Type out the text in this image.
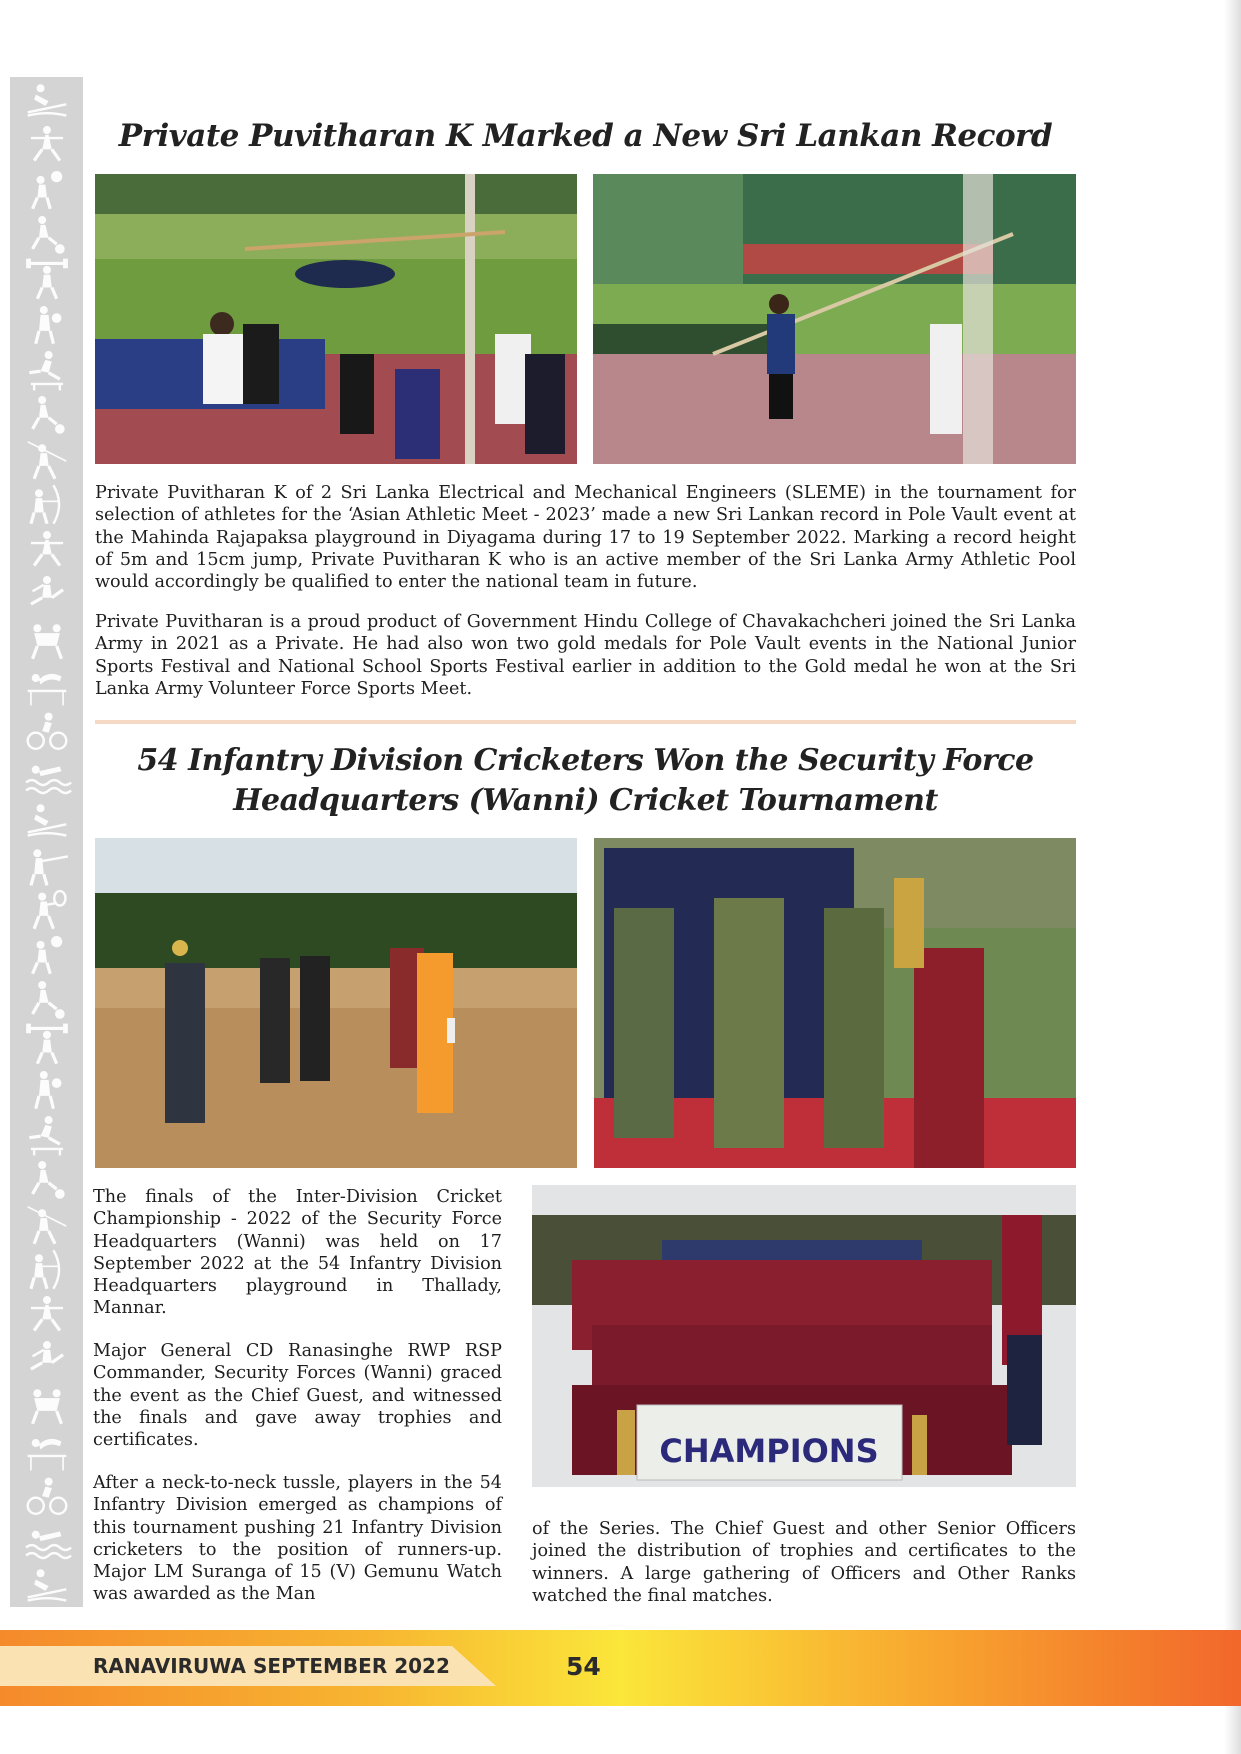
Private Puvitharan K Marked a New Sri Lankan Record

Private Puvitharan K of 2 Sri Lanka Electrical and Mechanical Engineers (SLEME) in the tournament for selection of athletes for the ‘Asian Athletic Meet - 2023’ made a new Sri Lankan record in Pole Vault event at the Mahinda Rajapaksa playground in Diyagama during 17 to 19 September 2022. Marking a record height of 5m and 15cm jump, Private Puvitharan K who is an active member of the Sri Lanka Army Athletic Pool would accordingly be qualified to enter the national team in future.

Private Puvitharan is a proud product of Government Hindu College of Chavakachcheri joined the Sri Lanka Army in 2021 as a Private. He had also won two gold medals for Pole Vault events in the National Junior Sports Festival and National School Sports Festival earlier in addition to the Gold medal he won at the Sri Lanka Army Volunteer Force Sports Meet.

54 Infantry Division Cricketers Won the Security Force
Headquarters (Wanni) Cricket Tournament

The finals of the Inter-Division Cricket Championship - 2022 of the Security Force Headquarters (Wanni) was held on 17 September 2022 at the 54 Infantry Division Headquarters playground in Thallady, Mannar.

Major General CD Ranasinghe RWP RSP Commander, Security Forces (Wanni) graced the event as the Chief Guest, and witnessed the finals and gave away trophies and certificates.

After a neck-to-neck tussle, players in the 54 Infantry Division emerged as champions of this tournament pushing 21 Infantry Division cricketers to the position of runners-up. Major LM Suranga of 15 (V) Gemunu Watch was awarded as the Man

CHAMPIONS

of the Series. The Chief Guest and other Senior Officers joined the distribution of trophies and certificates to the winners. A large gathering of Officers and Other Ranks watched the final matches.

RANAVIRUWA SEPTEMBER 2022	54
